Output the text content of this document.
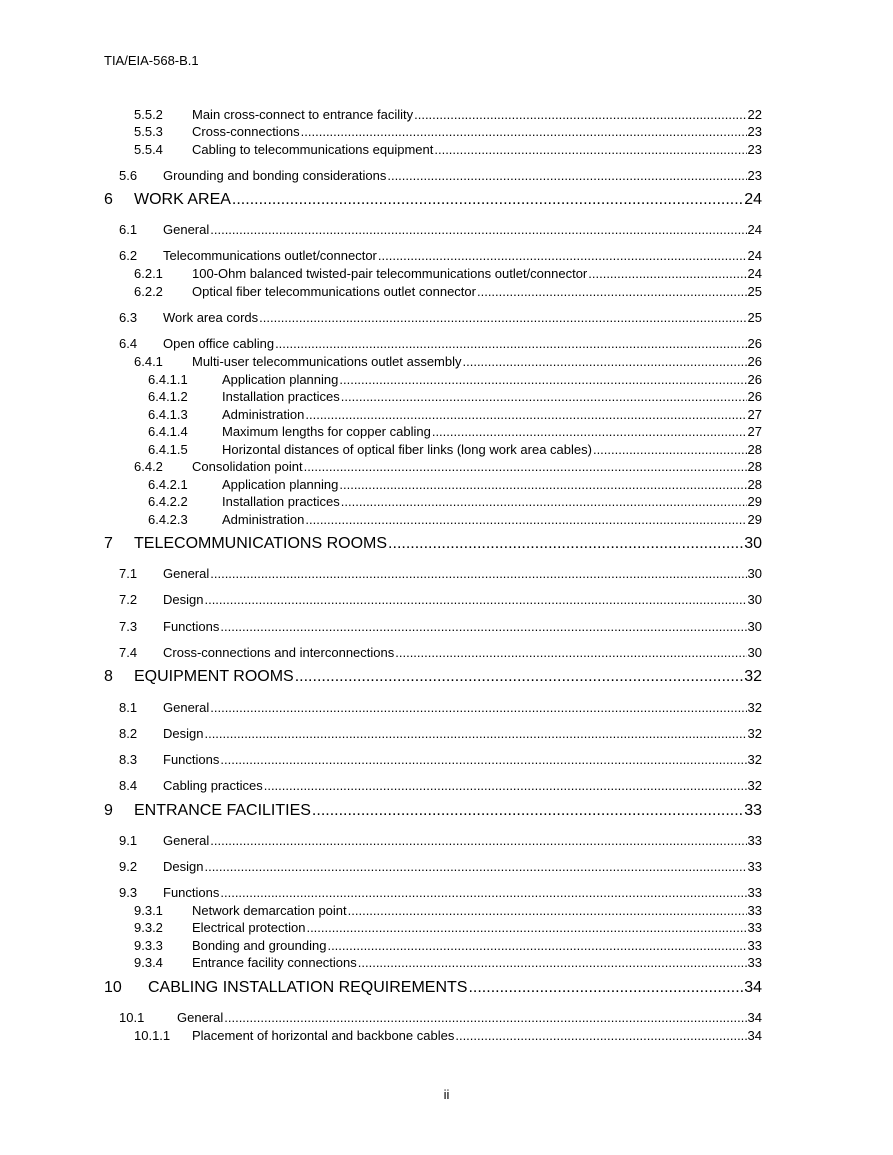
TIA/EIA-568-B.1
5.5.2	Main cross-connect to entrance facility .....	22
5.5.3	Cross-connections .....	23
5.5.4	Cabling to telecommunications equipment .....	23
5.6	Grounding and bonding considerations .....	23
6	WORK AREA .....	24
6.1	General .....	24
6.2	Telecommunications outlet/connector .....	24
6.2.1	100-Ohm balanced twisted-pair telecommunications outlet/connector .....	24
6.2.2	Optical fiber telecommunications outlet connector .....	25
6.3	Work area cords .....	25
6.4	Open office cabling .....	26
6.4.1	Multi-user telecommunications outlet assembly .....	26
6.4.1.1	Application planning .....	26
6.4.1.2	Installation practices .....	26
6.4.1.3	Administration .....	27
6.4.1.4	Maximum lengths for copper cabling .....	27
6.4.1.5	Horizontal distances of optical fiber links (long work area cables) .....	28
6.4.2	Consolidation point .....	28
6.4.2.1	Application planning .....	28
6.4.2.2	Installation practices .....	29
6.4.2.3	Administration .....	29
7	TELECOMMUNICATIONS ROOMS .....	30
7.1	General .....	30
7.2	Design .....	30
7.3	Functions .....	30
7.4	Cross-connections and interconnections .....	30
8	EQUIPMENT ROOMS .....	32
8.1	General .....	32
8.2	Design .....	32
8.3	Functions .....	32
8.4	Cabling practices .....	32
9	ENTRANCE FACILITIES .....	33
9.1	General .....	33
9.2	Design .....	33
9.3	Functions .....	33
9.3.1	Network demarcation point .....	33
9.3.2	Electrical protection .....	33
9.3.3	Bonding and grounding .....	33
9.3.4	Entrance facility connections .....	33
10	CABLING INSTALLATION REQUIREMENTS .....	34
10.1	General .....	34
10.1.1	Placement of horizontal and backbone cables .....	34
ii
